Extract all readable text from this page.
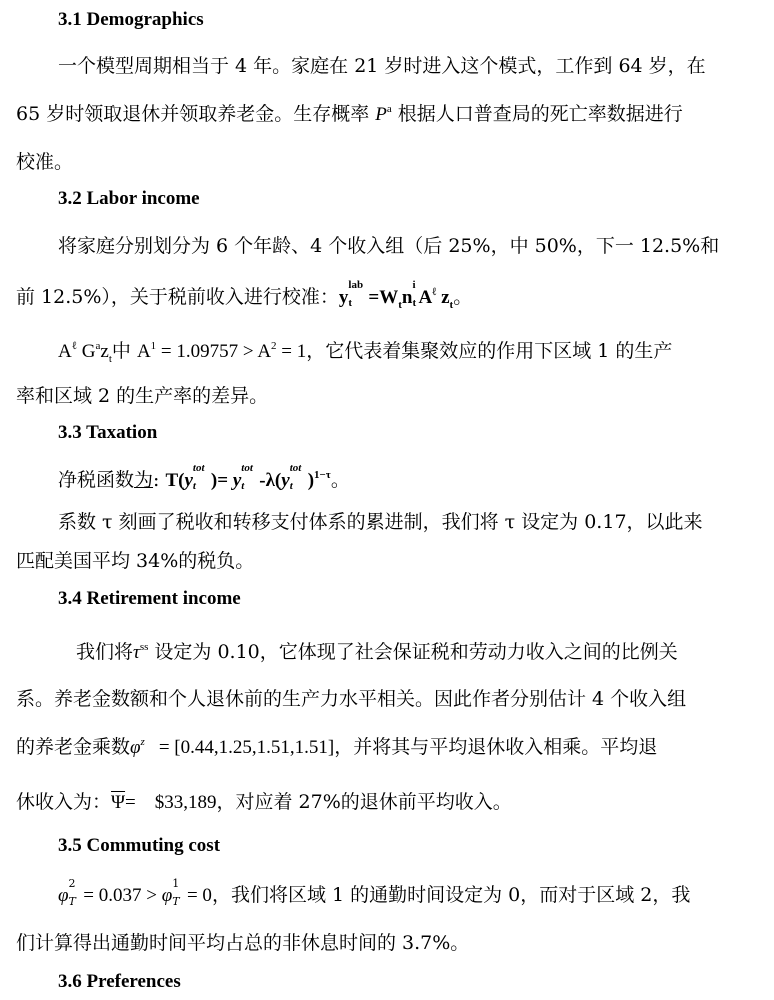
3.1 Demographics
一个模型周期相当于 4 年。家庭在 21 岁时进入这个模式，工作到 64 岁，在
65 岁时领取退休并领取养老金。生存概率 $P^a$ 根据人口普查局的死亡率数据进行
校准。
3.2 Labor income
将家庭分别划分为 6 个年龄、4 个收入组（后 25%，中 50%，下一 12.5%和
前 12.5%），关于税前收入进行校准：y
lab
$t =W_tn$
i
t $A^\ell$ $z_t$。
$A^\ell$ $G^az_t$中 $A^1 = 1.09757 > A^2 = 1$，它代表着集聚效应的作用下区域 1 的生产
率和区域 2 的生产率的差异。
3.3 Taxation
净税函数为: T(y
tot
t )= y
tot
t -λ(y
tot
t )$^{1-\tau}$。
系数 τ 刻画了税收和转移支付体系的累进制，我们将 τ 设定为 0.17，以此来
匹配美国平均 34%的税负。
3.4 Retirement income
我们将$\tau^{ss}$ 设定为 0.10，它体现了社会保证税和劳动力收入之间的比例关
系。养老金数额和个人退休前的生产力水平相关。因此作者分别估计 4 个收入组
的养老金乘数$\varphi^z = [0.44,1.25,1.51,1.51]$，并将其与平均退休收入相乘。平均退
休收入为：$\overline{\Psi}=$    $33,189，对应着 27%的退休前平均收入。
3.5 Commuting cost
φ
2
T = 0.037 > φ
1
T = 0，我们将区域 1 的通勤时间设定为 0，而对于区域 2，我
们计算得出通勤时间平均占总的非休息时间的 3.7%。
3.6 Preferences
